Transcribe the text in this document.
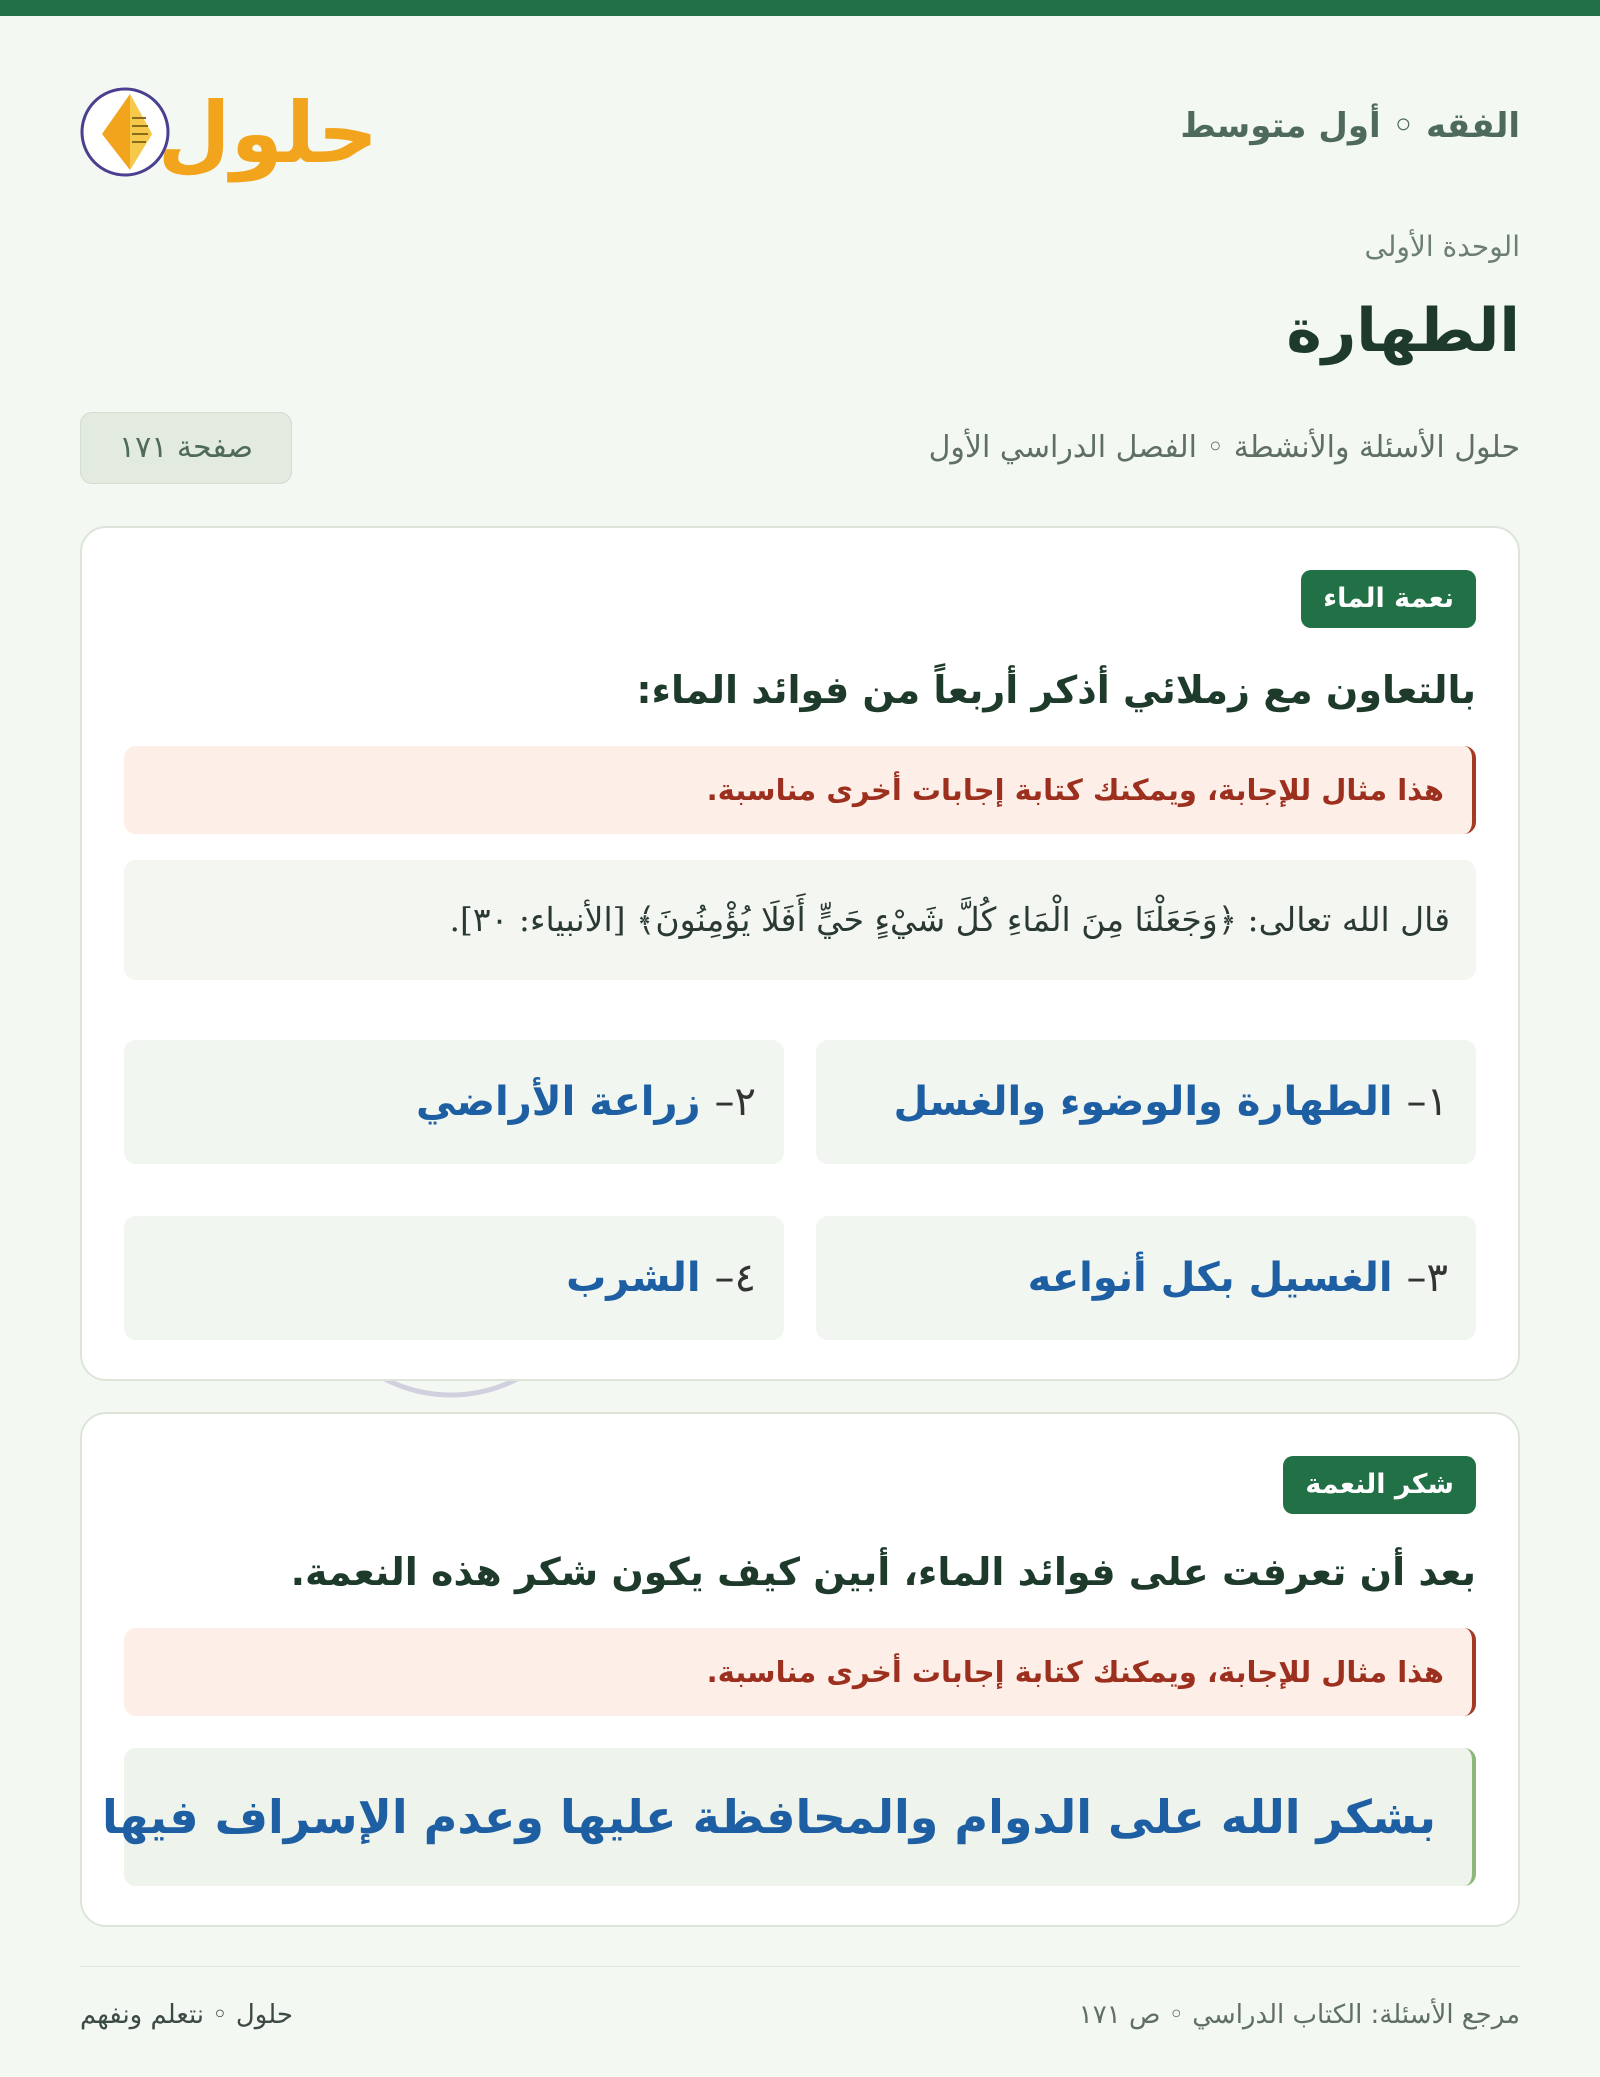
الفقه ◦ أول متوسط
حلول
الوحدة الأولى
الطهارة
حلول الأسئلة والأنشطة ◦ الفصل الدراسي الأول
صفحة ١٧١
نعمة الماء
بالتعاون مع زملائي أذكر أربعاً من فوائد الماء:
هذا مثال للإجابة، ويمكنك كتابة إجابات أخرى مناسبة.
قال الله تعالى: ﴿وَجَعَلْنَا مِنَ الْمَاءِ كُلَّ شَيْءٍ حَيٍّ أَفَلَا يُؤْمِنُونَ﴾ [الأنبياء: ٣٠].
١– الطهارة والوضوء والغسل
٢– زراعة الأراضي
٣– الغسيل بكل أنواعه
٤– الشرب
شكر النعمة
بعد أن تعرفت على فوائد الماء، أبين كيف يكون شكر هذه النعمة.
هذا مثال للإجابة، ويمكنك كتابة إجابات أخرى مناسبة.
بشكر الله على الدوام والمحافظة عليها وعدم الإسراف فيها
مرجع الأسئلة: الكتاب الدراسي ◦ ص ١٧١
حلول ◦ نتعلم ونفهم
